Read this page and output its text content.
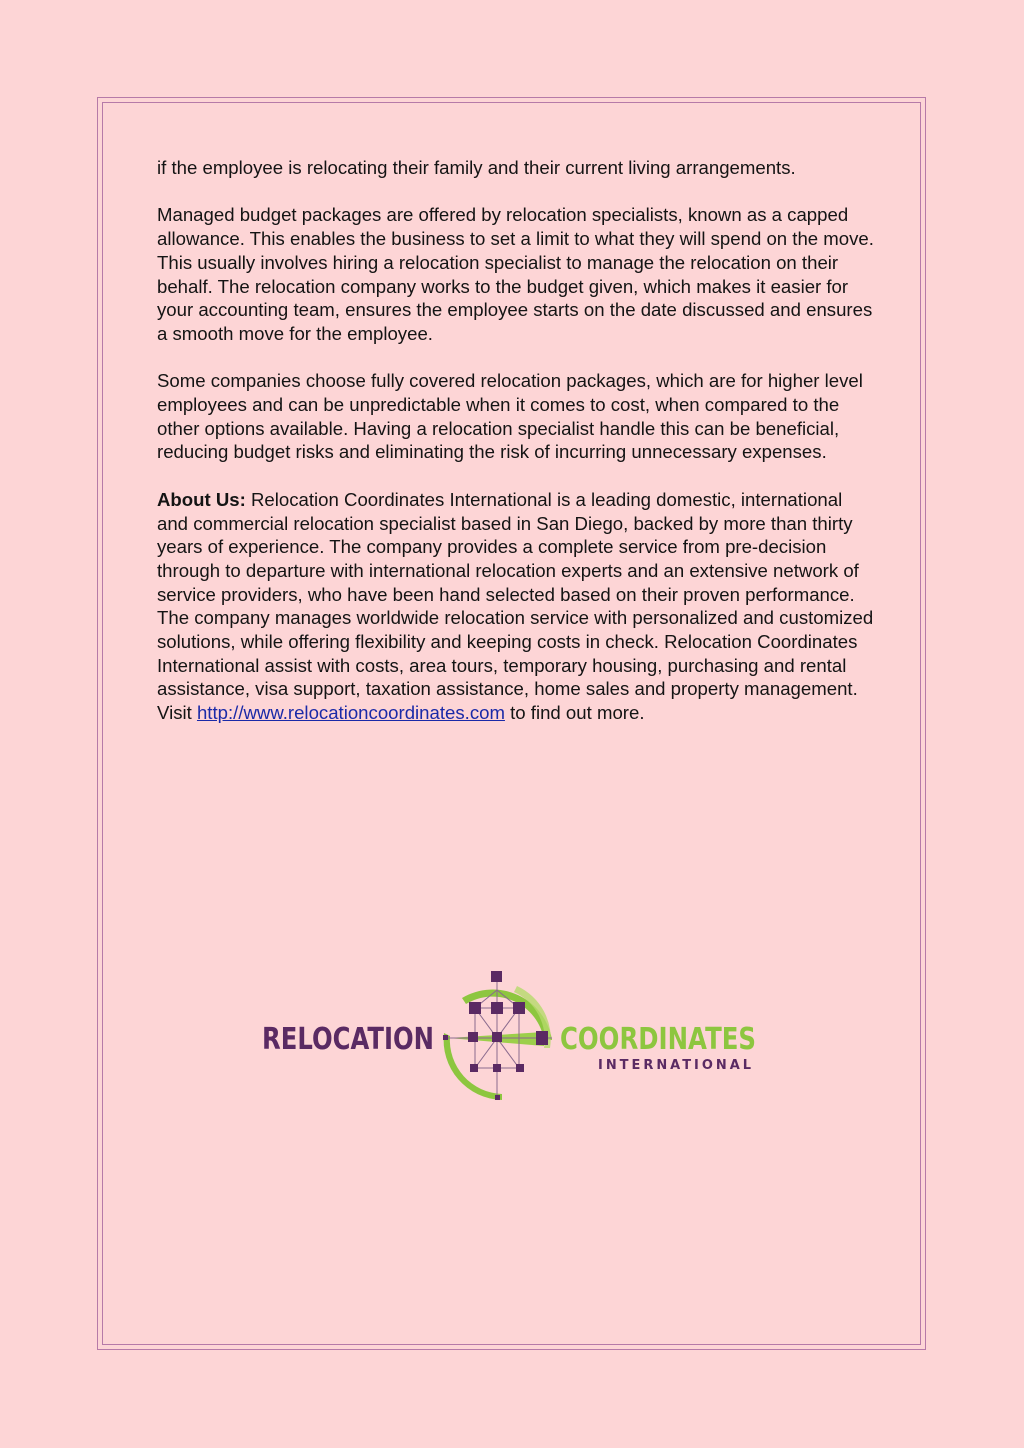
if the employee is relocating their family and their current living arrangements.

Managed budget packages are offered by relocation specialists, known as a capped allowance. This enables the business to set a limit to what they will spend on the move. This usually involves hiring a relocation specialist to manage the relocation on their behalf. The relocation company works to the budget given, which makes it easier for your accounting team, ensures the employee starts on the date discussed and ensures a smooth move for the employee.

Some companies choose fully covered relocation packages, which are for higher level employees and can be unpredictable when it comes to cost, when compared to the other options available. Having a relocation specialist handle this can be beneficial, reducing budget risks and eliminating the risk of incurring unnecessary expenses.

About Us: Relocation Coordinates International is a leading domestic, international and commercial relocation specialist based in San Diego, backed by more than thirty years of experience. The company provides a complete service from pre-decision through to departure with international relocation experts and an extensive network of service providers, who have been hand selected based on their proven performance. The company manages worldwide relocation service with personalized and customized solutions, while offering flexibility and keeping costs in check. Relocation Coordinates International assist with costs, area tours, temporary housing, purchasing and rental assistance, visa support, taxation assistance, home sales and property management. Visit http://www.relocationcoordinates.com to find out more.

RELOCATION	COORDINATES
INTERNATIONAL
